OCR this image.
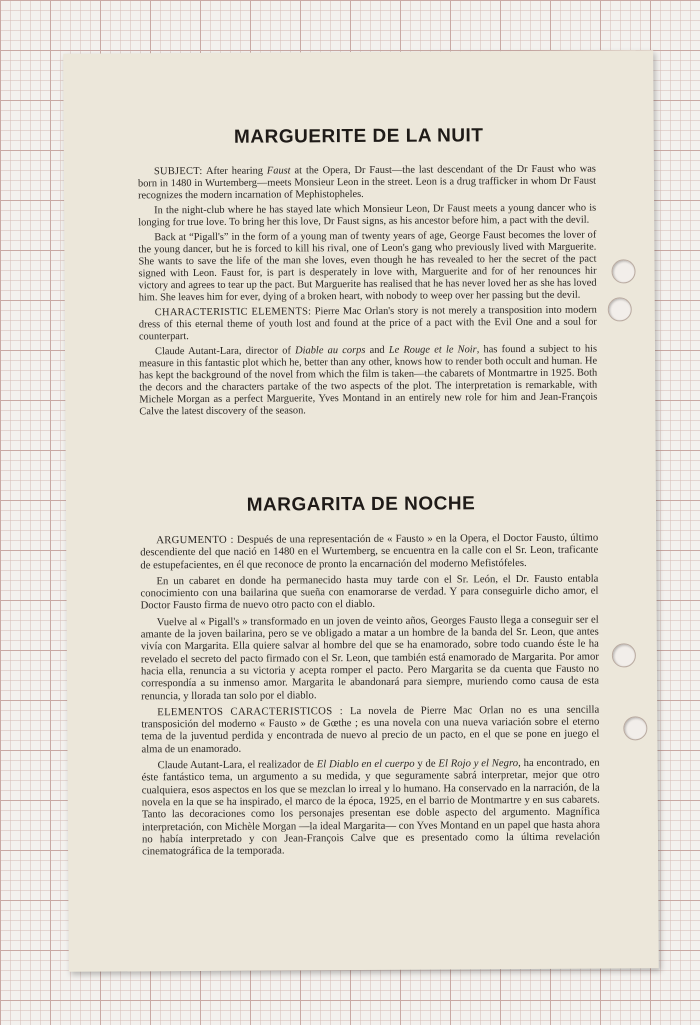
MARGUERITE DE LA NUIT

SUBJECT: After hearing Faust at the Opera, Dr Faust—the last descendant of the Dr Faust who was born in 1480 in Wurtemberg—meets Monsieur Leon in the street. Leon is a drug trafficker in whom Dr Faust recognizes the modern incarnation of Mephistopheles.

In the night-club where he has stayed late which Monsieur Leon, Dr Faust meets a young dancer who is longing for true love. To bring her this love, Dr Faust signs, as his ancestor before him, a pact with the devil.

Back at “Pigall's” in the form of a young man of twenty years of age, George Faust becomes the lover of the young dancer, but he is forced to kill his rival, one of Leon's gang who previously lived with Marguerite. She wants to save the life of the man she loves, even though he has revealed to her the secret of the pact signed with Leon. Faust for, is part is desperately in love with, Marguerite and for of her renounces hir victory and agrees to tear up the pact. But Marguerite has realised that he has never loved her as she has loved him. She leaves him for ever, dying of a broken heart, with nobody to weep over her passing but the devil.

CHARACTERISTIC ELEMENTS: Pierre Mac Orlan's story is not merely a transposition into modern dress of this eternal theme of youth lost and found at the price of a pact with the Evil One and a soul for counterpart.

Claude Autant-Lara, director of Diable au corps and Le Rouge et le Noir, has found a subject to his measure in this fantastic plot which he, better than any other, knows how to render both occult and human. He has kept the background of the novel from which the film is taken—the cabarets of Montmartre in 1925. Both the decors and the characters partake of the two aspects of the plot. The interpretation is remarkable, with Michele Morgan as a perfect Marguerite, Yves Montand in an entirely new role for him and Jean-François Calve the latest discovery of the season.

MARGARITA DE NOCHE

ARGUMENTO : Después de una representación de « Fausto » en la Opera, el Doctor Fausto, último descendiente del que nació en 1480 en el Wurtemberg, se encuentra en la calle con el Sr. Leon, traficante de estupefacientes, en él que reconoce de pronto la encarnación del moderno Mefistófeles.

En un cabaret en donde ha permanecido hasta muy tarde con el Sr. León, el Dr. Fausto entabla conocimiento con una bailarina que sueña con enamorarse de verdad. Y para conseguirle dicho amor, el Doctor Fausto firma de nuevo otro pacto con el diablo.

Vuelve al « Pigall's » transformado en un joven de veinto años, Georges Fausto llega a conseguir ser el amante de la joven bailarina, pero se ve obligado a matar a un hombre de la banda del Sr. Leon, que antes vivía con Margarita. Ella quiere salvar al hombre del que se ha enamorado, sobre todo cuando éste le ha revelado el secreto del pacto firmado con el Sr. Leon, que también está enamorado de Margarita. Por amor hacia ella, renuncia a su victoria y acepta romper el pacto. Pero Margarita se da cuenta que Fausto no correspondía a su inmenso amor. Margarita le abandonará para siempre, muriendo como causa de esta renuncia, y llorada tan solo por el diablo.

ELEMENTOS CARACTERISTICOS : La novela de Pierre Mac Orlan no es una sencilla transposición del moderno « Fausto » de Gœthe ; es una novela con una nueva variación sobre el eterno tema de la juventud perdida y encontrada de nuevo al precio de un pacto, en el que se pone en juego el alma de un enamorado.

Claude Autant-Lara, el realizador de El Diablo en el cuerpo y de El Rojo y el Negro, ha encontrado, en éste fantástico tema, un argumento a su medida, y que seguramente sabrá interpretar, mejor que otro cualquiera, esos aspectos en los que se mezclan lo irreal y lo humano. Ha conservado en la narración, de la novela en la que se ha inspirado, el marco de la época, 1925, en el barrio de Montmartre y en sus cabarets. Tanto las decoraciones como los personajes presentan ese doble aspecto del argumento. Magnífica interpretación, con Michèle Morgan —la ideal Margarita— con Yves Montand en un papel que hasta ahora no había interpretado y con Jean-François Calve que es presentado como la última revelación cinematográfica de la temporada.
